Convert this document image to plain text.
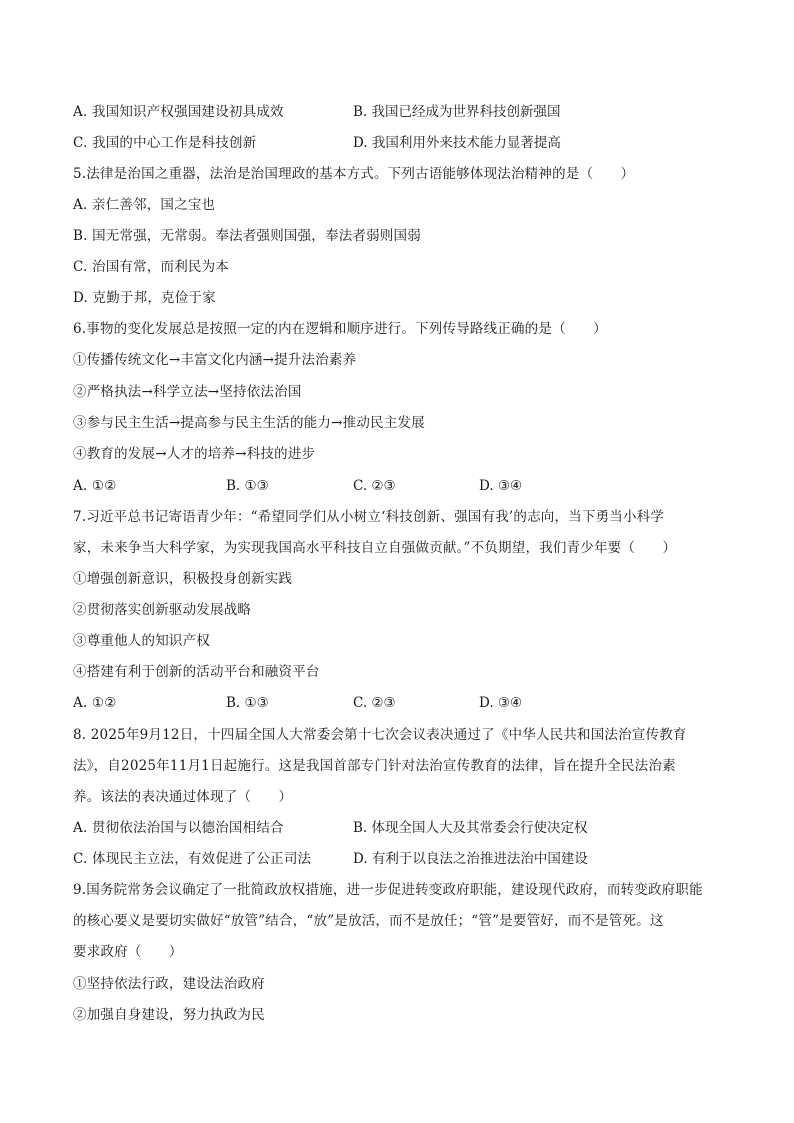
A. 我国知识产权强国建设初具成效	B. 我国已经成为世界科技创新强国
C. 我国的中心工作是科技创新	D. 我国利用外来技术能力显著提高
5.法律是治国之重器，法治是治国理政的基本方式。下列古语能够体现法治精神的是（　　）
A. 亲仁善邻，国之宝也
B. 国无常强，无常弱。奉法者强则国强，奉法者弱则国弱
C. 治国有常，而利民为本
D. 克勤于邦，克俭于家
6.事物的变化发展总是按照一定的内在逻辑和顺序进行。下列传导路线正确的是（　　）
①传播传统文化→丰富文化内涵→提升法治素养
②严格执法→科学立法→坚持依法治国
③参与民主生活→提高参与民主生活的能力→推动民主发展
④教育的发展→人才的培养→科技的进步
A. ①②	B. ①③	C. ②③	D. ③④
7.习近平总书记寄语青少年：“希望同学们从小树立‘科技创新、强国有我’的志向，当下勇当小科学
家，未来争当大科学家，为实现我国高水平科技自立自强做贡献。”不负期望，我们青少年要（　　）
①增强创新意识，积极投身创新实践
②贯彻落实创新驱动发展战略
③尊重他人的知识产权
④搭建有利于创新的活动平台和融资平台
A. ①②	B. ①③	C. ②③	D. ③④
8. 2025年9月12日，十四届全国人大常委会第十七次会议表决通过了《中华人民共和国法治宣传教育
法》，自2025年11月1日起施行。这是我国首部专门针对法治宣传教育的法律，旨在提升全民法治素
养。该法的表决通过体现了（　　）
A. 贯彻依法治国与以德治国相结合	B. 体现全国人大及其常委会行使决定权
C. 体现民主立法，有效促进了公正司法	D. 有利于以良法之治推进法治中国建设
9.国务院常务会议确定了一批简政放权措施，进一步促进转变政府职能，建设现代政府，而转变政府职能
的核心要义是要切实做好“放管”结合，“放”是放活，而不是放任；“管”是要管好，而不是管死。这
要求政府（　　）
①坚持依法行政，建设法治政府
②加强自身建设，努力执政为民
